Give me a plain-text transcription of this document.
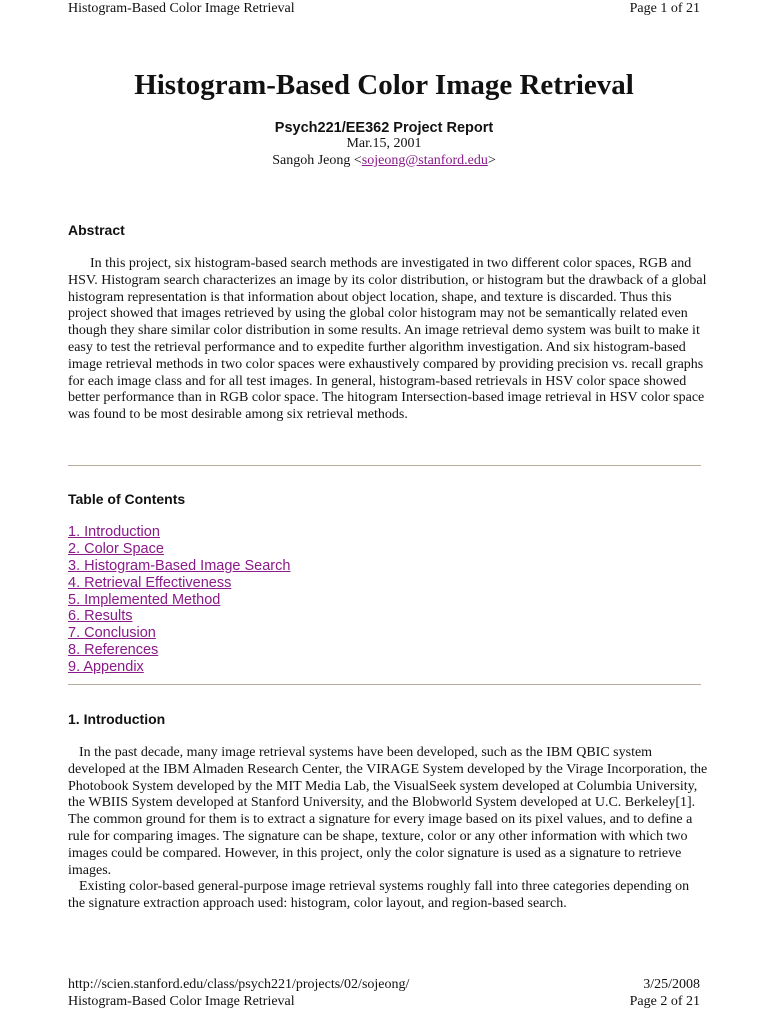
Histogram-Based Color Image Retrieval	Page 1 of 21
Histogram-Based Color Image Retrieval
Psych221/EE362 Project Report
Mar.15, 2001
Sangoh Jeong <sojeong@stanford.edu>
Abstract

In this project, six histogram-based search methods are investigated in two different color spaces, RGB and HSV. Histogram search characterizes an image by its color distribution, or histogram but the drawback of a global histogram representation is that information about object location, shape, and texture is discarded. Thus this project showed that images retrieved by using the global color histogram may not be semantically related even though they share similar color distribution in some results. An image retrieval demo system was built to make it easy to test the retrieval performance and to expedite further algorithm investigation. And six histogram-based image retrieval methods in two color spaces were exhaustively compared by providing precision vs. recall graphs for each image class and for all test images. In general, histogram-based retrievals in HSV color space showed better performance than in RGB color space. The hitogram Intersection-based image retrieval in HSV color space was found to be most desirable among six retrieval methods.

Table of Contents
1. Introduction
2. Color Space
3. Histogram-Based Image Search
4. Retrieval Effectiveness
5. Implemented Method
6. Results
7. Conclusion
8. References
9. Appendix
1. Introduction

In the past decade, many image retrieval systems have been developed, such as the IBM QBIC system developed at the IBM Almaden Research Center, the VIRAGE System developed by the Virage Incorporation, the Photobook System developed by the MIT Media Lab, the VisualSeek system developed at Columbia University, the WBIIS System developed at Stanford University, and the Blobworld System developed at U.C. Berkeley[1]. The common ground for them is to extract a signature for every image based on its pixel values, and to define a rule for comparing images. The signature can be shape, texture, color or any other information with which two images could be compared. However, in this project, only the color signature is used as a signature to retrieve images.

Existing color-based general-purpose image retrieval systems roughly fall into three categories depending on the signature extraction approach used: histogram, color layout, and region-based search.

http://scien.stanford.edu/class/psych221/projects/02/sojeong/	3/25/2008
Histogram-Based Color Image Retrieval	Page 2 of 21
